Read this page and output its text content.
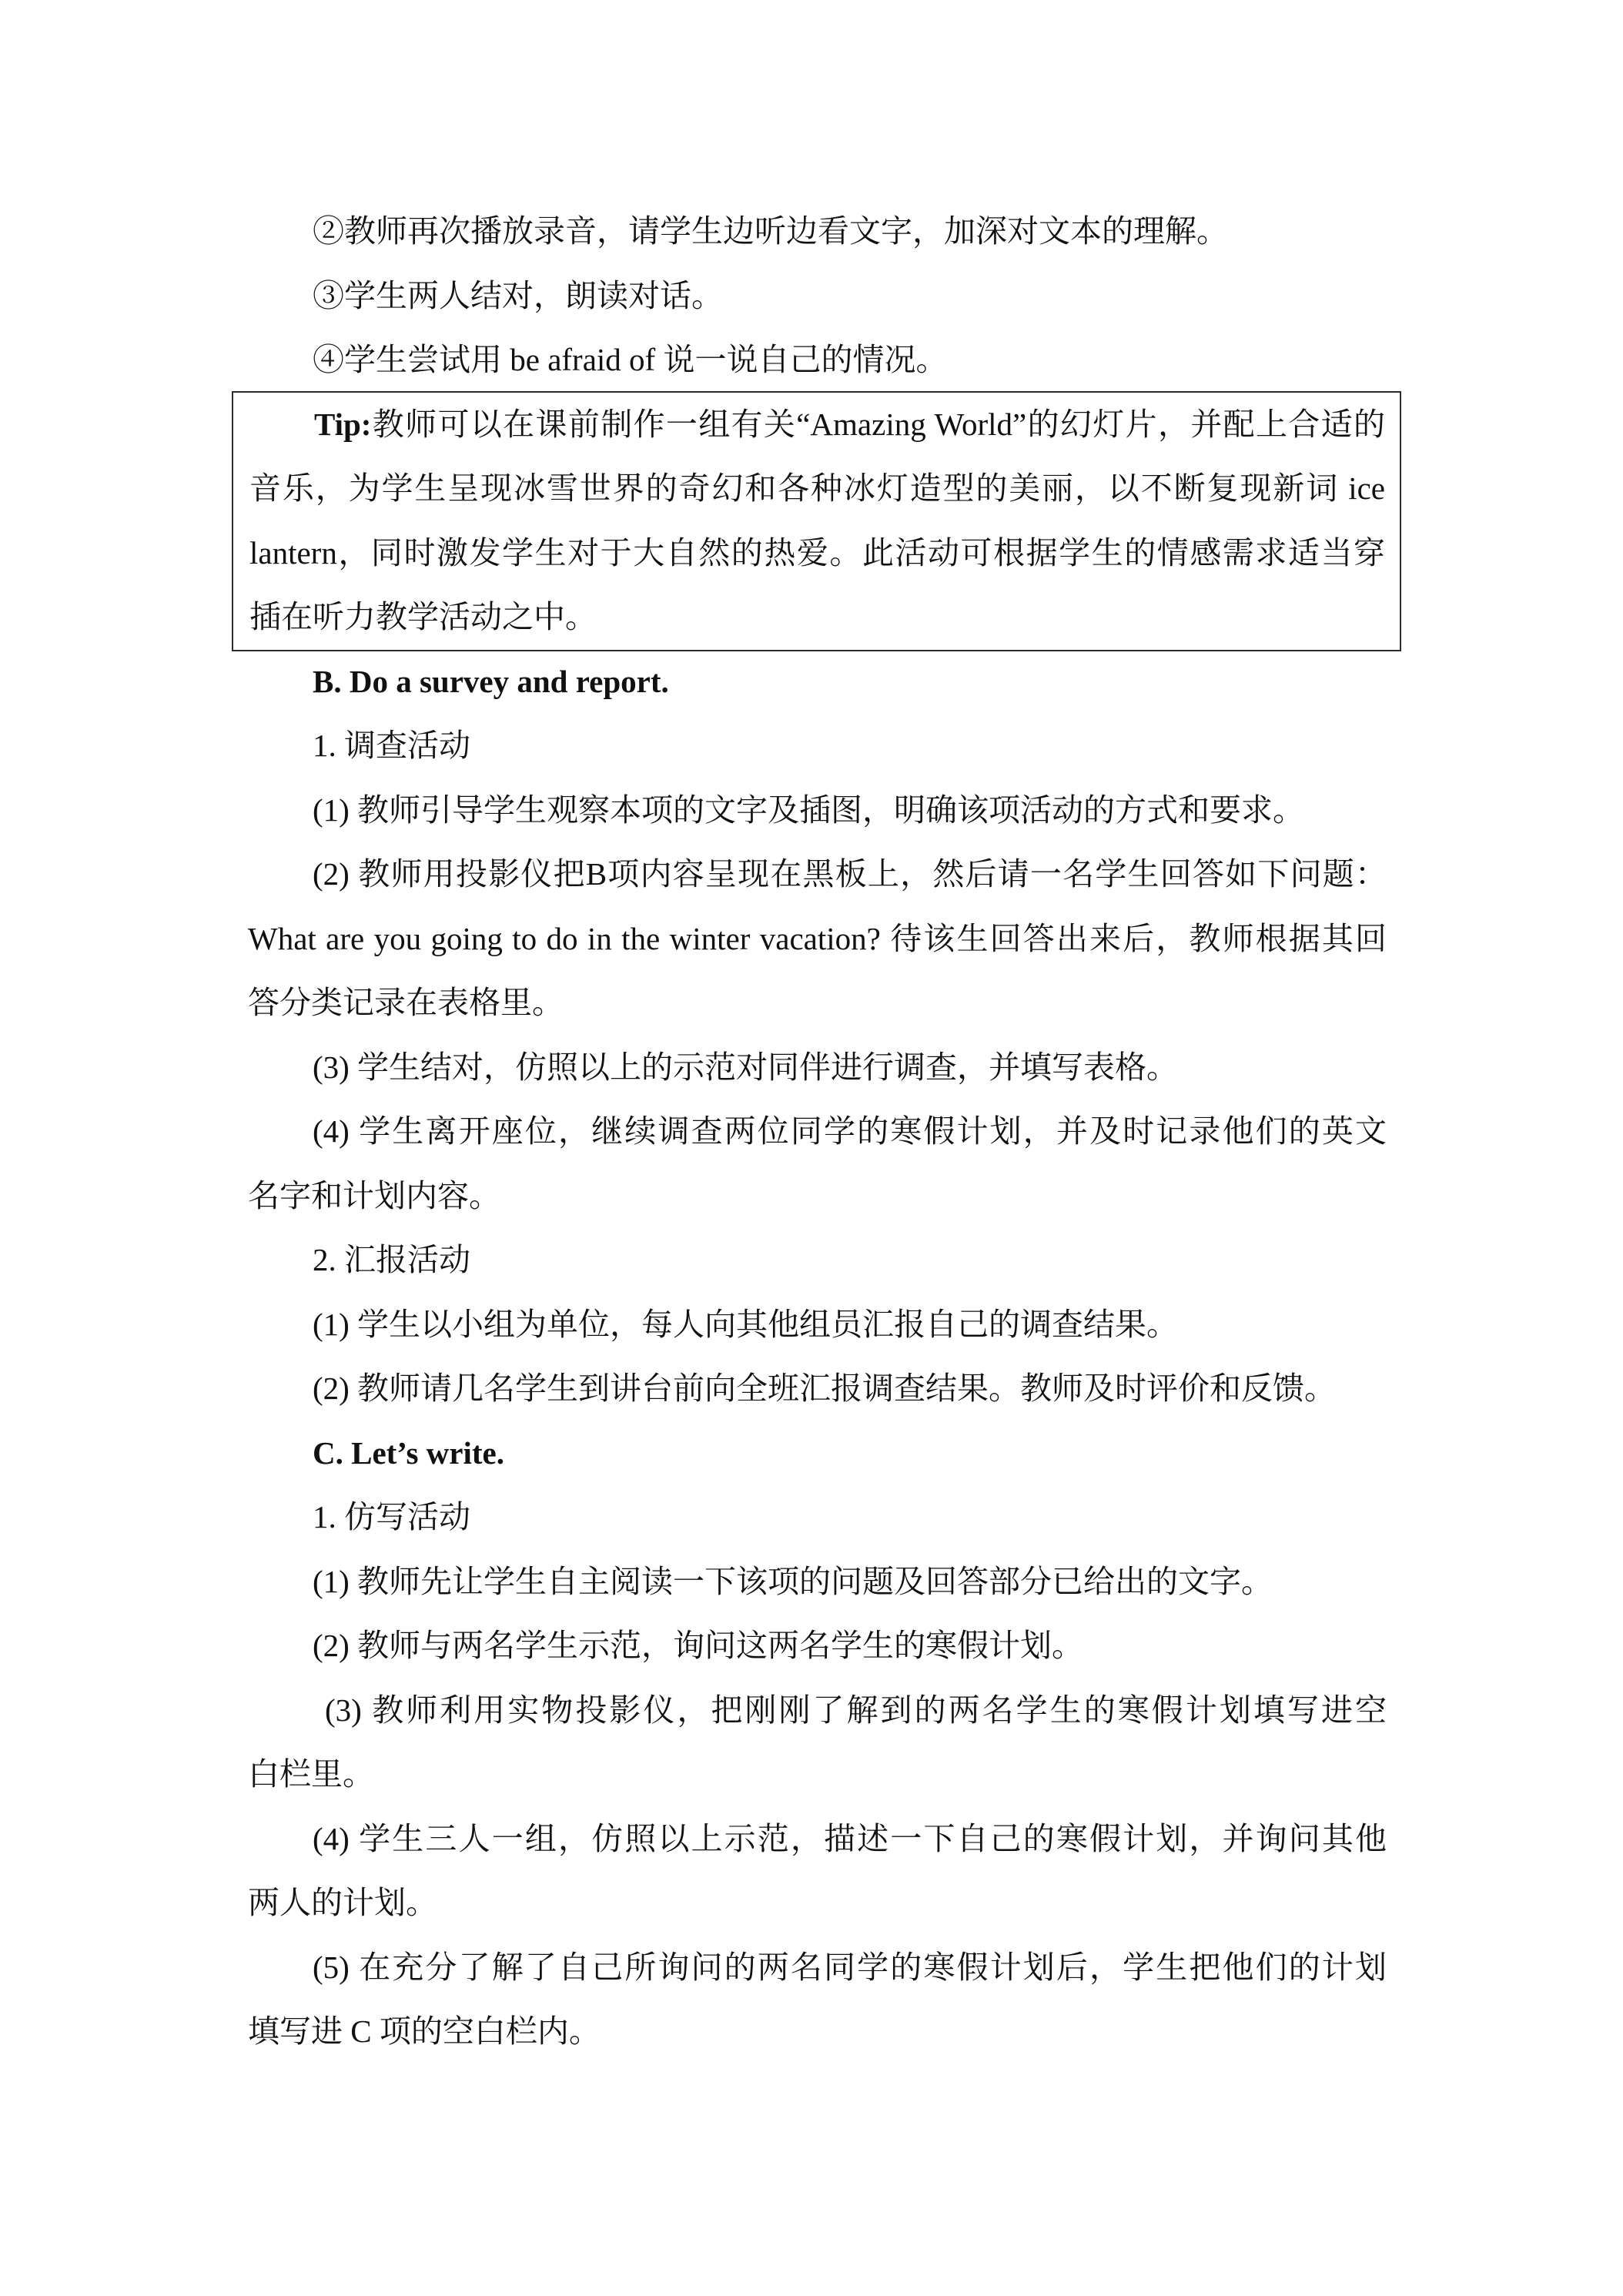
②教师再次播放录音，请学生边听边看文字，加深对文本的理解。
③学生两人结对，朗读对话。
④学生尝试用 be afraid of 说一说自己的情况。
Tip:教师可以在课前制作一组有关“Amazing World”的幻灯片，并配上合适的
音乐，为学生呈现冰雪世界的奇幻和各种冰灯造型的美丽，以不断复现新词 ice
lantern，同时激发学生对于大自然的热爱。此活动可根据学生的情感需求适当穿
插在听力教学活动之中。
B. Do a survey and report.
1. 调查活动
(1) 教师引导学生观察本项的文字及插图，明确该项活动的方式和要求。
(2) 教师用投影仪把B项内容呈现在黑板上，然后请一名学生回答如下问题：
What are you going to do in the winter vacation? 待该生回答出来后，教师根据其回
答分类记录在表格里。
(3) 学生结对，仿照以上的示范对同伴进行调查，并填写表格。
(4) 学生离开座位，继续调查两位同学的寒假计划，并及时记录他们的英文
名字和计划内容。
2. 汇报活动
(1) 学生以小组为单位，每人向其他组员汇报自己的调查结果。
(2) 教师请几名学生到讲台前向全班汇报调查结果。教师及时评价和反馈。
C. Let’s write.
1. 仿写活动
(1) 教师先让学生自主阅读一下该项的问题及回答部分已给出的文字。
(2) 教师与两名学生示范，询问这两名学生的寒假计划。
(3) 教师利用实物投影仪，把刚刚了解到的两名学生的寒假计划填写进空
白栏里。
(4) 学生三人一组，仿照以上示范，描述一下自己的寒假计划，并询问其他
两人的计划。
(5) 在充分了解了自己所询问的两名同学的寒假计划后，学生把他们的计划
填写进 C 项的空白栏内。
